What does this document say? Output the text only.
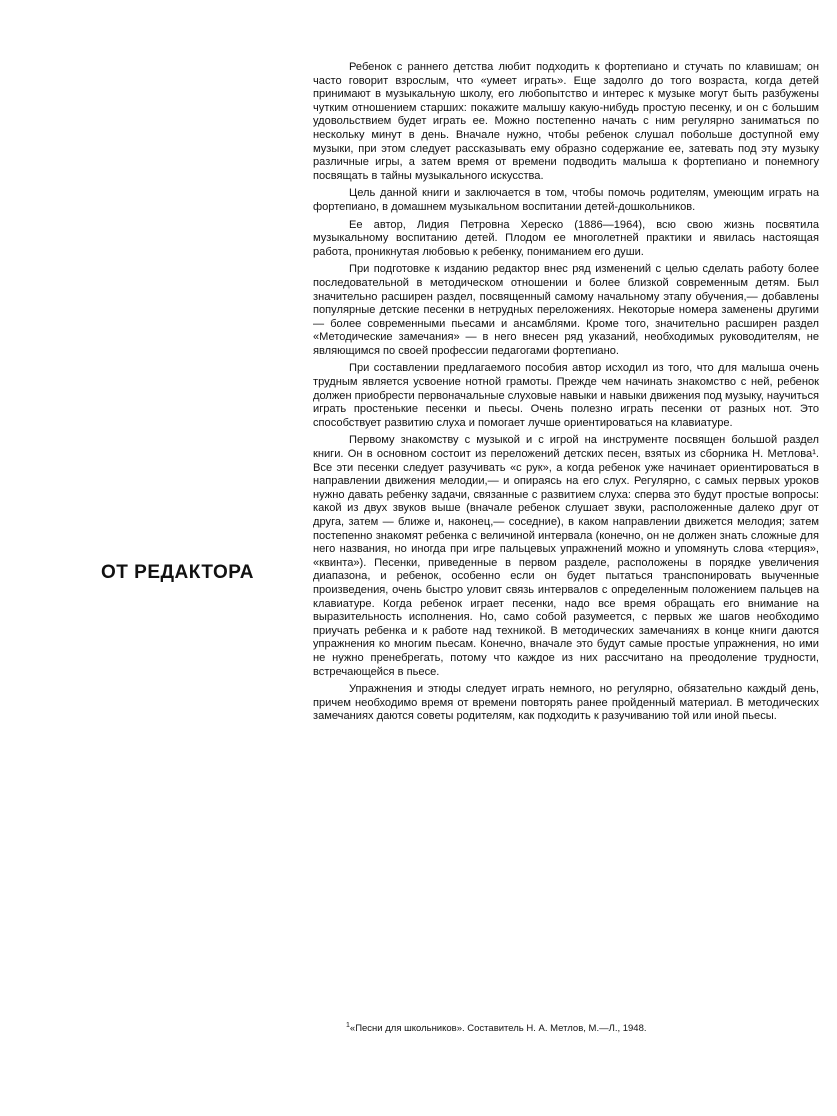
ОТ РЕДАКТОРА

Ребенок с раннего детства любит подходить к фортепиано и стучать по клавишам; он часто говорит взрослым, что «умеет играть». Еще задолго до того возраста, когда детей принимают в музыкальную школу, его любопытство и интерес к музыке могут быть разбужены чутким отношением старших: покажите малышу какую-нибудь простую песенку, и он с большим удовольствием будет играть ее. Можно постепенно начать с ним регулярно заниматься по нескольку минут в день. Вначале нужно, чтобы ребенок слушал побольше доступной ему музыки, при этом следует рассказывать ему образно содержание ее, затевать под эту музыку различные игры, а затем время от времени подводить малыша к фортепиано и понемногу посвящать в тайны музыкального искусства.

Цель данной книги и заключается в том, чтобы помочь родителям, умеющим играть на фортепиано, в домашнем музыкальном воспитании детей-дошкольников.

Ее автор, Лидия Петровна Хереско (1886—1964), всю свою жизнь посвятила музыкальному воспитанию детей. Плодом ее многолетней практики и явилась настоящая работа, проникнутая любовью к ребенку, пониманием его души.

При подготовке к изданию редактор внес ряд изменений с целью сделать работу более последовательной в методическом отношении и более близкой современным детям. Был значительно расширен раздел, посвященный самому начальному этапу обучения,— добавлены популярные детские песенки в нетрудных переложениях. Некоторые номера заменены другими — более современными пьесами и ансамблями. Кроме того, значительно расширен раздел «Методические замечания» — в него внесен ряд указаний, необходимых руководителям, не являющимся по своей профессии педагогами фортепиано.

При составлении предлагаемого пособия автор исходил из того, что для малыша очень трудным является усвоение нотной грамоты. Прежде чем начинать знакомство с ней, ребенок должен приобрести первоначальные слуховые навыки и навыки движения под музыку, научиться играть простенькие песенки и пьесы. Очень полезно играть песенки от разных нот. Это способствует развитию слуха и помогает лучше ориентироваться на клавиатуре.

Первому знакомству с музыкой и с игрой на инструменте посвящен большой раздел книги. Он в основном состоит из переложений детских песен, взятых из сборника Н. Метлова¹. Все эти песенки следует разучивать «с рук», а когда ребенок уже начинает ориентироваться в направлении движения мелодии,— и опираясь на его слух. Регулярно, с самых первых уроков нужно давать ребенку задачи, связанные с развитием слуха: сперва это будут простые вопросы: какой из двух звуков выше (вначале ребенок слушает звуки, расположенные далеко друг от друга, затем — ближе и, наконец,— соседние), в каком направлении движется мелодия; затем постепенно знакомят ребенка с величиной интервала (конечно, он не должен знать сложные для него названия, но иногда при игре пальцевых упражнений можно и упомянуть слова «терция», «квинта»). Песенки, приведенные в первом разделе, расположены в порядке увеличения диапазона, и ребенок, особенно если он будет пытаться транспонировать выученные произведения, очень быстро уловит связь интервалов с определенным положением пальцев на клавиатуре. Когда ребенок играет песенки, надо все время обращать его внимание на выразительность исполнения. Но, само собой разумеется, с первых же шагов необходимо приучать ребенка и к работе над техникой. В методических замечаниях в конце книги даются упражнения ко многим пьесам. Конечно, вначале это будут самые простые упражнения, но ими не нужно пренебрегать, потому что каждое из них рассчитано на преодоление трудности, встречающейся в пьесе.

Упражнения и этюды следует играть немного, но регулярно, обязательно каждый день, причем необходимо время от времени повторять ранее пройденный материал. В методических замечаниях даются советы родителям, как подходить к разучиванию той или иной пьесы.

$^1$«Песни для школьников». Составитель Н. А. Метлов, М.—Л., 1948.
